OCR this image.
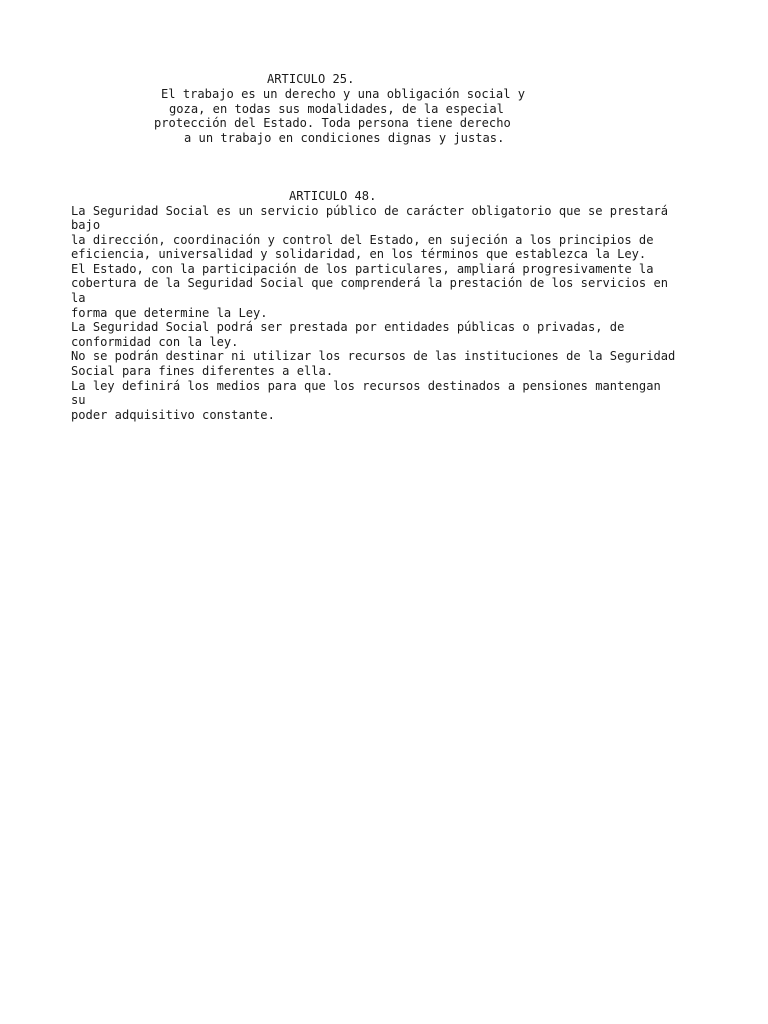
ARTICULO 25.
El trabajo es un derecho y una obligación social y
goza, en todas sus modalidades, de la especial
protección del Estado. Toda persona tiene derecho
a un trabajo en condiciones dignas y justas.
ARTICULO 48.
La Seguridad Social es un servicio público de carácter obligatorio que se prestará
bajo
la dirección, coordinación y control del Estado, en sujeción a los principios de
eficiencia, universalidad y solidaridad, en los términos que establezca la Ley.
El Estado, con la participación de los particulares, ampliará progresivamente la
cobertura de la Seguridad Social que comprenderá la prestación de los servicios en
la
forma que determine la Ley.
La Seguridad Social podrá ser prestada por entidades públicas o privadas, de
conformidad con la ley.
No se podrán destinar ni utilizar los recursos de las instituciones de la Seguridad
Social para fines diferentes a ella.
La ley definirá los medios para que los recursos destinados a pensiones mantengan
su
poder adquisitivo constante.
